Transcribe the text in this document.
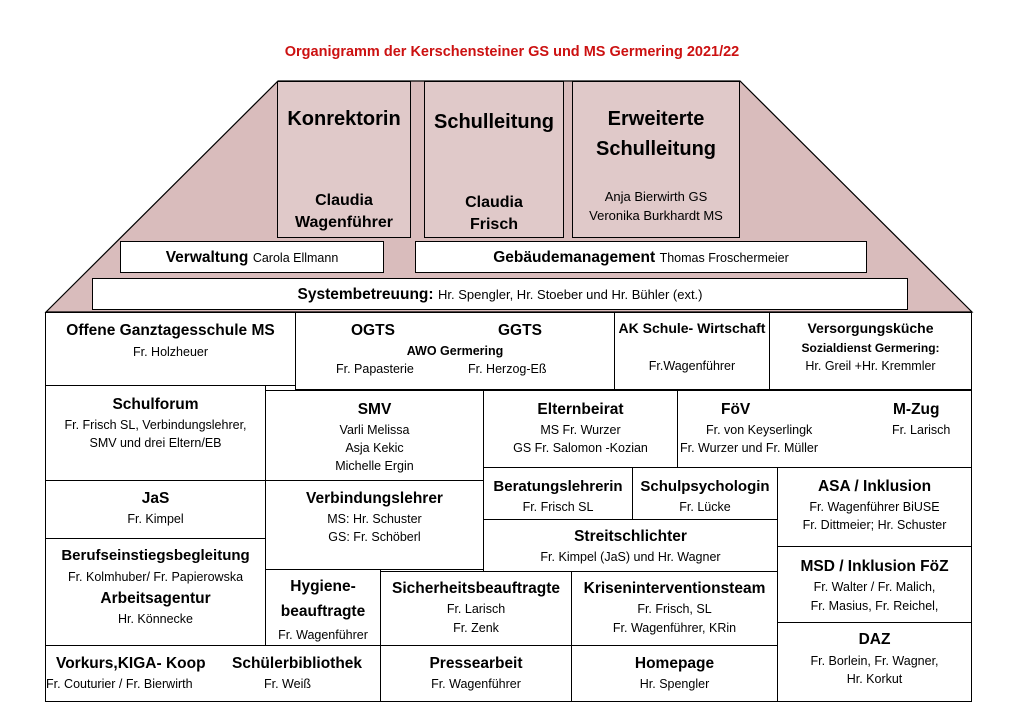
Organigramm der Kerschensteiner GS und MS Germering 2021/22
Konrektorin
Claudia
Wagenführer
Schulleitung
Claudia
Frisch
Erweiterte
Schulleitung
Anja Bierwirth GS
Veronika Burkhardt MS
Verwaltung Carola Ellmann	Gebäudemanagement Thomas Froschermeier
Systembetreuung: Hr. Spengler, Hr. Stoeber und Hr. Bühler (ext.)
Offene Ganztagesschule MS
Fr. Holzheuer
OGTS	GGTS
AWO Germering
Fr. Papasterie	Fr. Herzog-Eß
AK Schule- Wirtschaft
Fr.Wagenführer
Versorgungsküche
Sozialdienst Germering:
Hr. Greil +Hr. Kremmler
Schulforum
Fr. Frisch SL, Verbindungslehrer,
SMV und drei Eltern/EB
SMV
Varli Melissa
Asja Kekic
Michelle Ergin
Elternbeirat
MS Fr. Wurzer
GS Fr. Salomon -Kozian
FöV
Fr. von Keyserlingk
Fr. Wurzer und Fr. Müller
M-Zug
Fr. Larisch
JaS
Fr. Kimpel
Verbindungslehrer
MS: Hr. Schuster
GS: Fr. Schöberl
Beratungslehrerin
Fr. Frisch SL
Schulpsychologin
Fr. Lücke
ASA / Inklusion
Fr. Wagenführer BiUSE
Fr. Dittmeier; Hr. Schuster
Streitschlichter
Fr. Kimpel (JaS) und Hr. Wagner
Berufseinstiegsbegleitung
Fr. Kolmhuber/ Fr. Papierowska
Arbeitsagentur
Hr. Könnecke
Hygiene-
beauftragte
Fr. Wagenführer
Sicherheitsbeauftragte
Fr. Larisch
Fr. Zenk
Kriseninterventionsteam
Fr. Frisch, SL
Fr. Wagenführer, KRin
MSD / Inklusion FöZ
Fr. Walter / Fr. Malich,
Fr. Masius, Fr. Reichel,
DAZ
Fr. Borlein, Fr. Wagner,
Hr. Korkut
Vorkurs,KIGA- Koop
Fr. Couturier / Fr. Bierwirth
Schülerbibliothek
Fr. Weiß
Pressearbeit
Fr. Wagenführer
Homepage
Hr. Spengler
